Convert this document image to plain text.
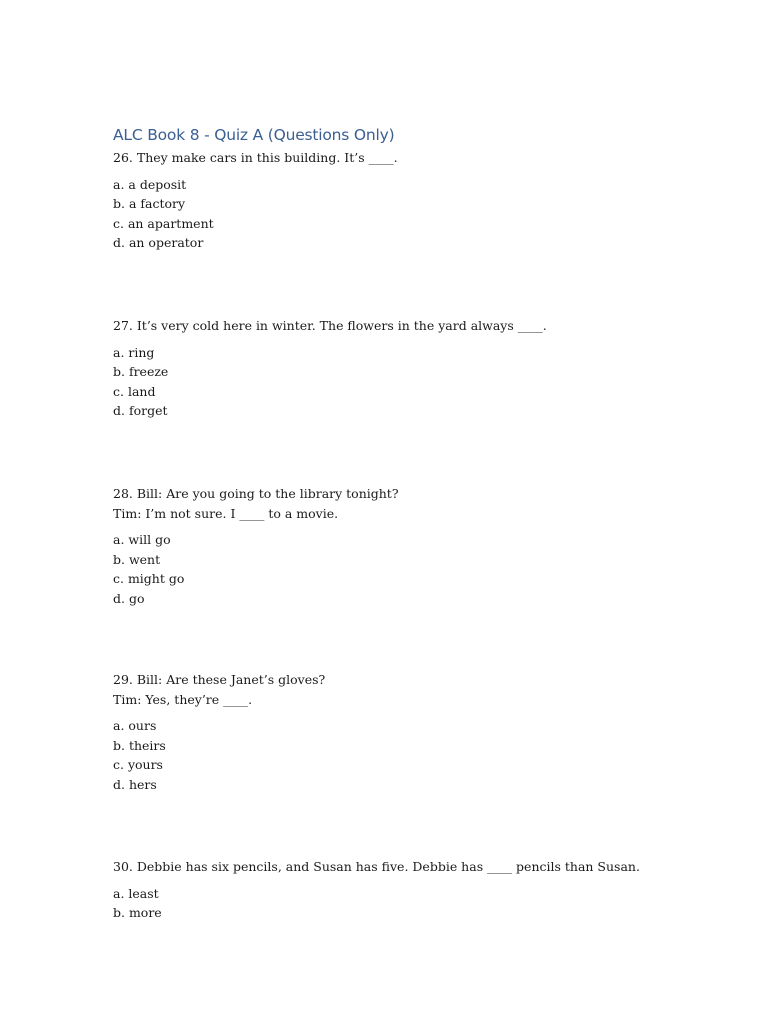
ALC Book 8 - Quiz A (Questions Only)
26. They make cars in this building. It’s ____.
a. a deposit
b. a factory
c. an apartment
d. an operator
27. It’s very cold here in winter. The flowers in the yard always ____.
a. ring
b. freeze
c. land
d. forget
28. Bill: Are you going to the library tonight?
Tim: I’m not sure. I ____ to a movie.
a. will go
b. went
c. might go
d. go
29. Bill: Are these Janet’s gloves?
Tim: Yes, they’re ____.
a. ours
b. theirs
c. yours
d. hers
30. Debbie has six pencils, and Susan has five. Debbie has ____ pencils than Susan.
a. least
b. more
